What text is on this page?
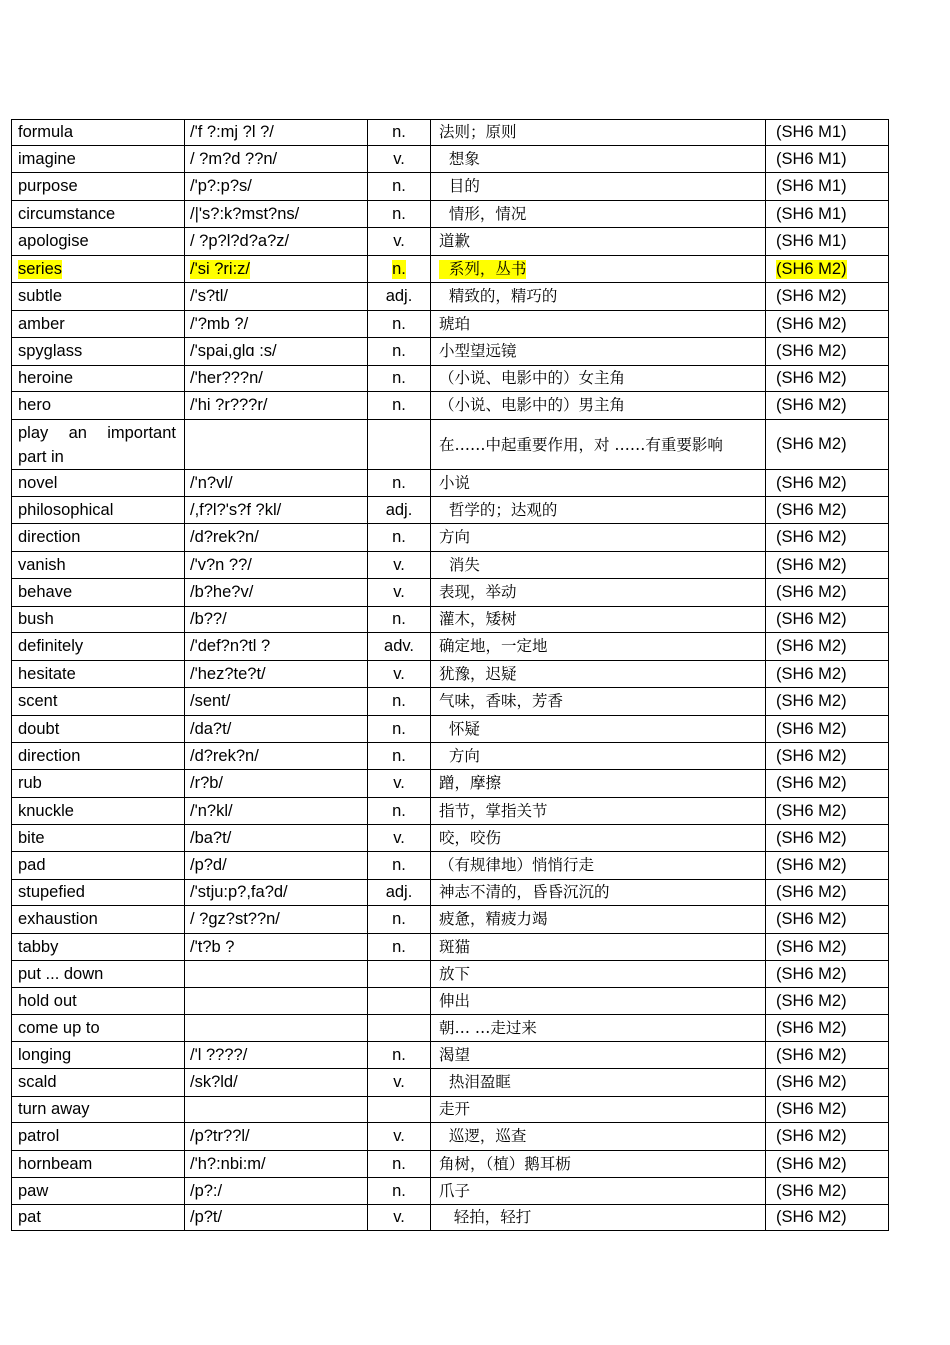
formula	/'f ?:mj ?l ?/	n.	法则；原则	(SH6 M1)
imagine	/ ?m?d ??n/	v.	想象	(SH6 M1)
purpose	/'p?:p?s/	n.	目的	(SH6 M1)
circumstance	/|'s?:k?mst?ns/	n.	情形，情况	(SH6 M1)
apologise	/ ?p?l?d?a?z/	v.	道歉	(SH6 M1)
series	/'si ?ri:z/	n.	系列，丛书	(SH6 M2)
subtle	/'s?tl/	adj.	精致的，精巧的	(SH6 M2)
amber	/'?mb ?/	n.	琥珀	(SH6 M2)
spyglass	/'spai,glɑ :s/	n.	小型望远镜	(SH6 M2)
heroine	/'her???n/	n.	（小说、电影中的）女主角	(SH6 M2)
hero	/'hi ?r???r/	n.	（小说、电影中的）男主角	(SH6 M2)
play an important part in			在……中起重要作用，对 ……有重要影响	(SH6 M2)
novel	/'n?vl/	n.	小说	(SH6 M2)
philosophical	/,f?l?'s?f ?kl/	adj.	哲学的；达观的	(SH6 M2)
direction	/d?rek?n/	n.	方向	(SH6 M2)
vanish	/'v?n ??/	v.	消失	(SH6 M2)
behave	/b?he?v/	v.	表现，举动	(SH6 M2)
bush	/b??/	n.	灌木，矮树	(SH6 M2)
definitely	/'def?n?tl ?	adv.	确定地，一定地	(SH6 M2)
hesitate	/'hez?te?t/	v.	犹豫，迟疑	(SH6 M2)
scent	/sent/	n.	气味，香味，芳香	(SH6 M2)
doubt	/da?t/	n.	怀疑	(SH6 M2)
direction	/d?rek?n/	n.	方向	(SH6 M2)
rub	/r?b/	v.	蹭，摩擦	(SH6 M2)
knuckle	/'n?kl/	n.	指节，掌指关节	(SH6 M2)
bite	/ba?t/	v.	咬，咬伤	(SH6 M2)
pad	/p?d/	n.	（有规律地）悄悄行走	(SH6 M2)
stupefied	/'stju:p?,fa?d/	adj.	神志不清的，昏昏沉沉的	(SH6 M2)
exhaustion	/ ?ɡz?st??n/	n.	疲惫，精疲力竭	(SH6 M2)
tabby	/'t?b ?	n.	斑猫	(SH6 M2)
put ... down			放下	(SH6 M2)
hold out			伸出	(SH6 M2)
come up to			朝… …走过来	(SH6 M2)
longing	/'l ????/	n.	渴望	(SH6 M2)
scald	/sk?ld/	v.	热泪盈眶	(SH6 M2)
turn away			走开	(SH6 M2)
patrol	/p?tr??l/	v.	巡逻，巡查	(SH6 M2)
hornbeam	/'h?:nbi:m/	n.	角树，（植）鹅耳枥	(SH6 M2)
paw	/p?:/	n.	爪子	(SH6 M2)
pat	/p?t/	v.	轻拍，轻打	(SH6 M2)
